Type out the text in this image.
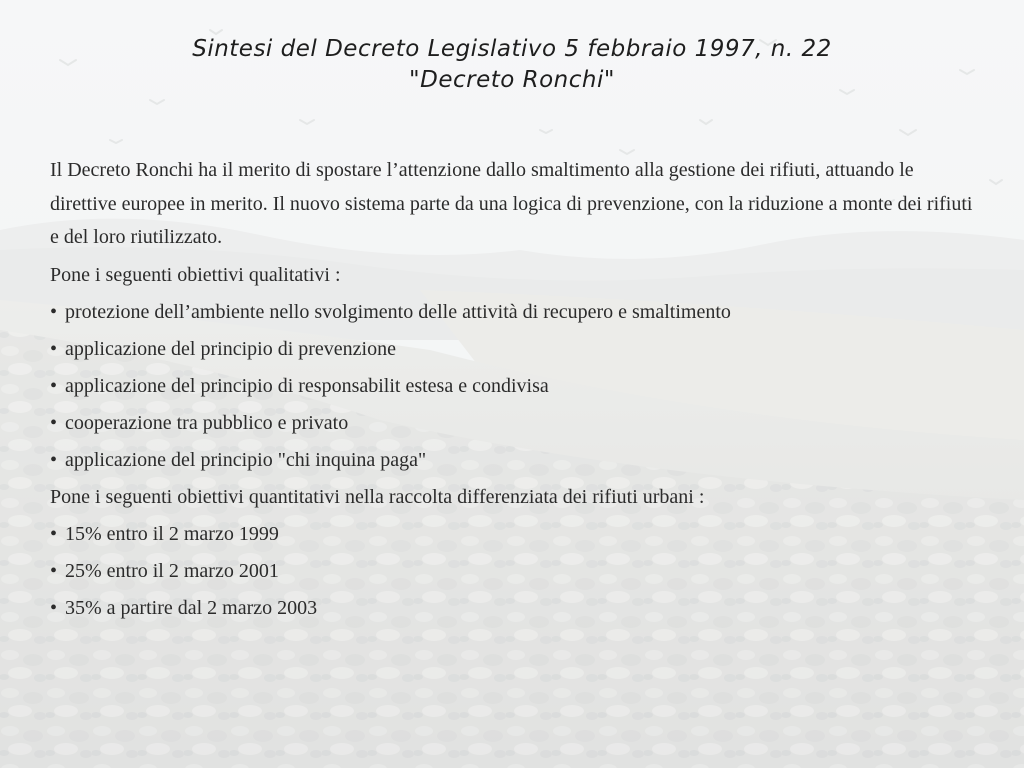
Sintesi del Decreto Legislativo 5 febbraio 1997, n. 22
"Decreto Ronchi"

Il Decreto Ronchi ha il merito di spostare l’attenzione dallo smaltimento alla gestione dei rifiuti, attuando le direttive europee in merito. Il nuovo sistema parte da una logica di prevenzione, con la riduzione a monte dei rifiuti e del loro riutilizzato.

Pone i seguenti obiettivi qualitativi :
• protezione dell’ambiente nello svolgimento delle attività di recupero e smaltimento
• applicazione del principio di prevenzione
• applicazione del principio di responsabilit estesa e condivisa
• cooperazione tra pubblico e privato
• applicazione del principio "chi inquina paga"
Pone i seguenti obiettivi quantitativi nella raccolta differenziata dei rifiuti urbani :
• 15% entro il 2 marzo 1999
• 25% entro il 2 marzo 2001
• 35% a partire dal 2 marzo 2003
